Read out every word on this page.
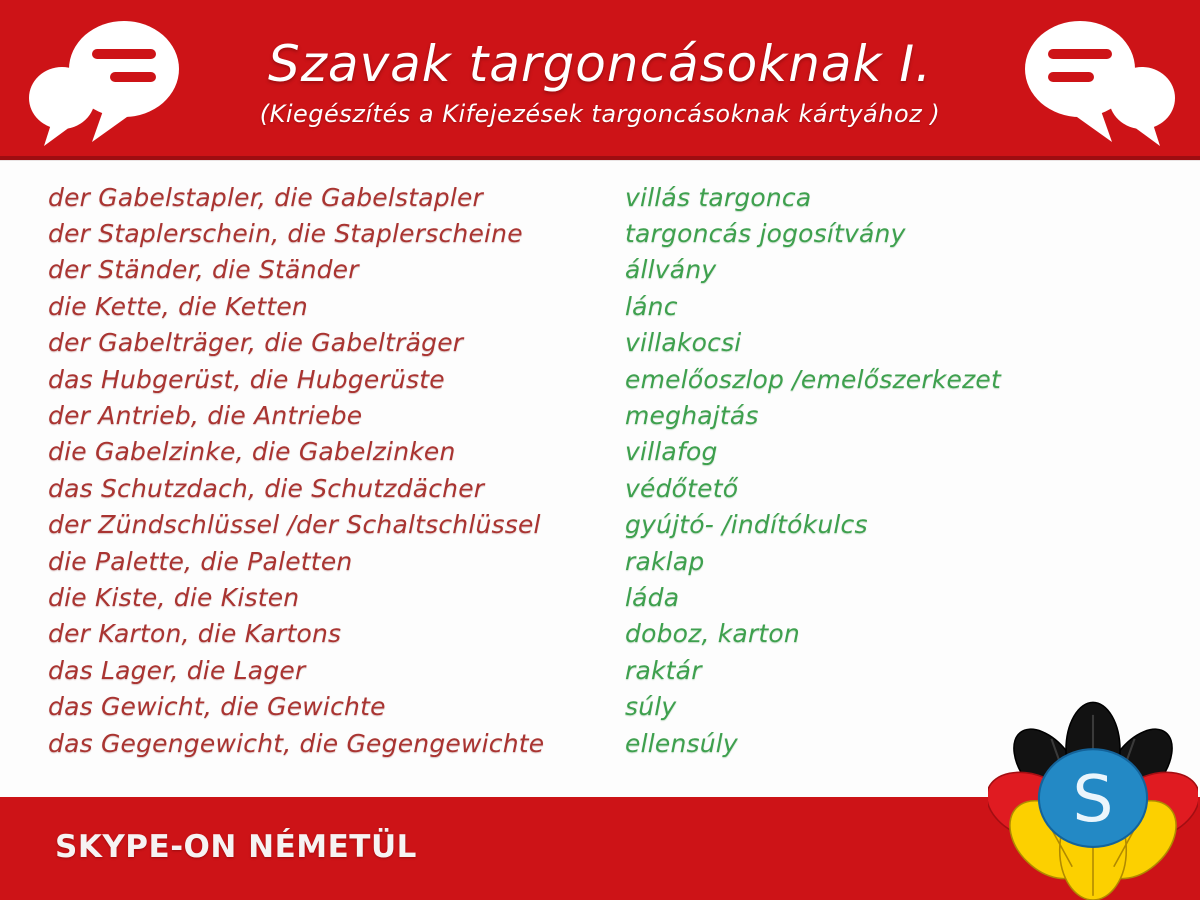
Szavak targoncásoknak I.
(Kiegészítés a Kifejezések targoncásoknak kártyához )
der Gabelstapler, die Gabelstapler	villás targonca
der Staplerschein, die Staplerscheine	targoncás jogosítvány
der Ständer, die Ständer	állvány
die Kette, die Ketten	lánc
der Gabelträger, die Gabelträger	villakocsi
das Hubgerüst, die Hubgerüste	emelőoszlop /emelőszerkezet
der Antrieb, die Antriebe	meghajtás
die Gabelzinke, die Gabelzinken	villafog
das Schutzdach, die Schutzdächer	védőtető
der Zündschlüssel /der Schaltschlüssel	gyújtó- /indítókulcs
die Palette, die Paletten	raklap
die Kiste, die Kisten	láda
der Karton, die Kartons	doboz, karton
das Lager, die Lager	raktár
das Gewicht, die Gewichte	súly
das Gegengewicht, die Gegengewichte	ellensúly
SKYPE-ON NÉMETÜL
S
